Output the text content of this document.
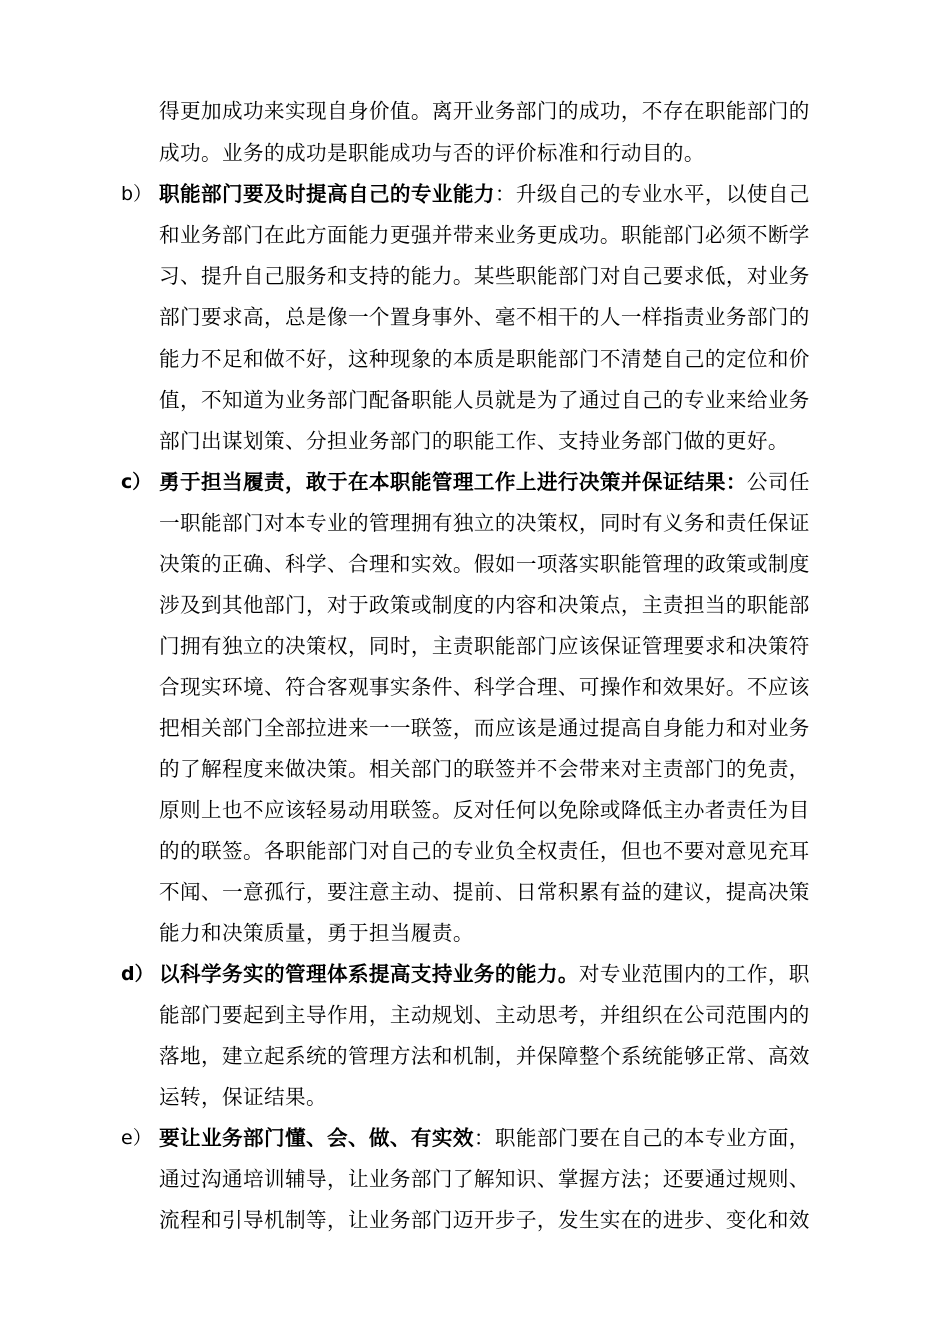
得更加成功来实现自身价值。离开业务部门的成功，不存在职能部门的
成功。业务的成功是职能成功与否的评价标准和行动目的。
b） 职能部门要及时提高自己的专业能力：升级自己的专业水平，以使自己
和业务部门在此方面能力更强并带来业务更成功。职能部门必须不断学
习、提升自己服务和支持的能力。某些职能部门对自己要求低，对业务
部门要求高，总是像一个置身事外、毫不相干的人一样指责业务部门的
能力不足和做不好，这种现象的本质是职能部门不清楚自己的定位和价
值，不知道为业务部门配备职能人员就是为了通过自己的专业来给业务
部门出谋划策、分担业务部门的职能工作、支持业务部门做的更好。
c） 勇于担当履责，敢于在本职能管理工作上进行决策并保证结果：公司任
一职能部门对本专业的管理拥有独立的决策权，同时有义务和责任保证
决策的正确、科学、合理和实效。假如一项落实职能管理的政策或制度
涉及到其他部门，对于政策或制度的内容和决策点，主责担当的职能部
门拥有独立的决策权，同时，主责职能部门应该保证管理要求和决策符
合现实环境、符合客观事实条件、科学合理、可操作和效果好。不应该
把相关部门全部拉进来一一联签，而应该是通过提高自身能力和对业务
的了解程度来做决策。相关部门的联签并不会带来对主责部门的免责，
原则上也不应该轻易动用联签。反对任何以免除或降低主办者责任为目
的的联签。各职能部门对自己的专业负全权责任，但也不要对意见充耳
不闻、一意孤行，要注意主动、提前、日常积累有益的建议，提高决策
能力和决策质量，勇于担当履责。
d） 以科学务实的管理体系提高支持业务的能力。对专业范围内的工作，职
能部门要起到主导作用，主动规划、主动思考，并组织在公司范围内的
落地，建立起系统的管理方法和机制，并保障整个系统能够正常、高效
运转，保证结果。
e） 要让业务部门懂、会、做、有实效：职能部门要在自己的本专业方面，
通过沟通培训辅导，让业务部门了解知识、掌握方法；还要通过规则、
流程和引导机制等，让业务部门迈开步子，发生实在的进步、变化和效
